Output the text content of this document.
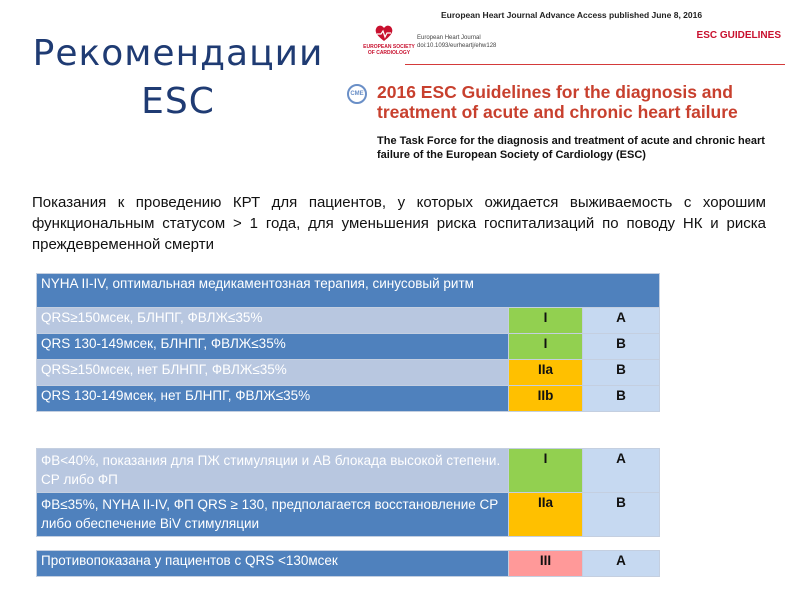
Рекомендации ESC
European Heart Journal Advance Access published June 8, 2016
EUROPEAN SOCIETY OF CARDIOLOGY
European Heart Journal
doi:10.1093/eurheartj/ehw128
ESC GUIDELINES
CME 2016 ESC Guidelines for the diagnosis and treatment of acute and chronic heart failure
The Task Force for the diagnosis and treatment of acute and chronic heart failure of the European Society of Cardiology (ESC)
Показания к проведению КРТ для пациентов, у которых ожидается выживаемость с хорошим функциональным статусом > 1 года, для уменьшения риска госпитализаций по поводу НК и риска преждевременной смерти
NYHA II-IV, оптимальная медикаментозная терапия, синусовый ритм		
QRS≥150мсек, БЛНПГ, ФВЛЖ≤35%	I	A
QRS 130-149мсек, БЛНПГ, ФВЛЖ≤35%	I	B
QRS≥150мсек, нет БЛНПГ, ФВЛЖ≤35%	IIa	B
QRS 130-149мсек, нет БЛНПГ, ФВЛЖ≤35%	IIb	B
ФВ<40%, показания для ПЖ стимуляции и АВ блокада высокой степени. СР либо ФП	I	A
ФВ≤35%, NYHA II-IV, ФП QRS ≥ 130, предполагается восстановление СР либо обеспечение BiV стимуляции	IIa	B
Противопоказана у пациентов с QRS <130мсек	III	A
